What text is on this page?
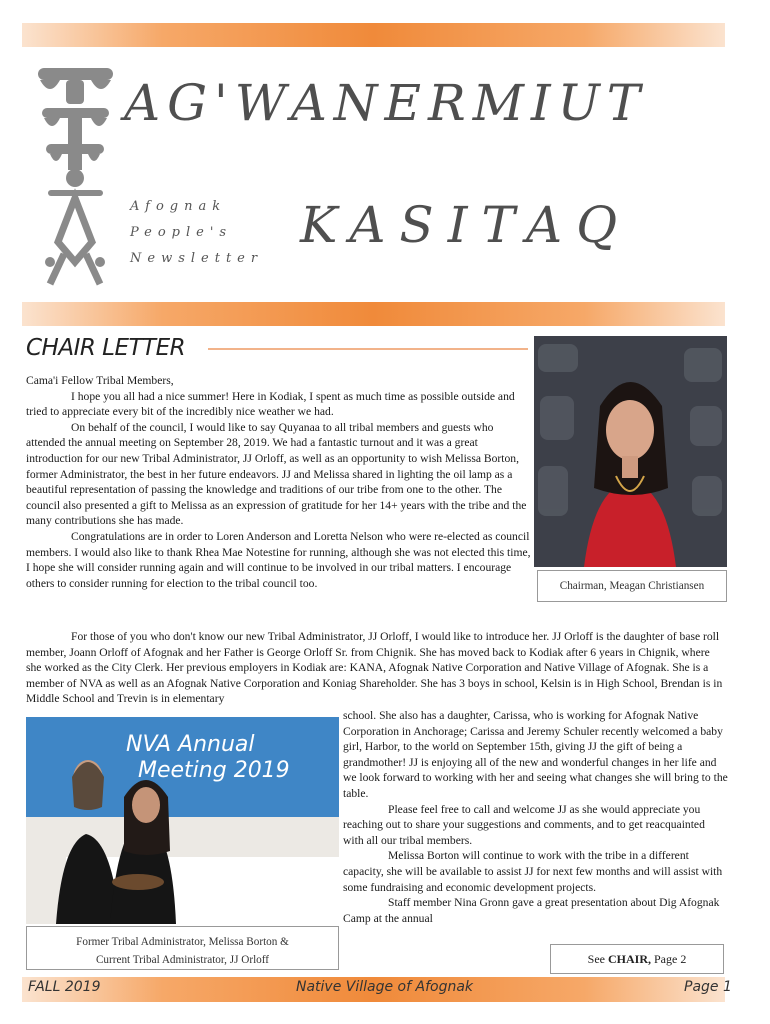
AG'WANERMIUT
Afognak
People's
Newsletter
KASITAQ
CHAIR LETTER
Chairman, Meagan Christiansen

Cama'i Fellow Tribal Members,

I hope you all had a nice summer! Here in Kodiak, I spent as much time as possible outside and tried to appreciate every bit of the incredibly nice weather we had.

On behalf of the council, I would like to say Quyanaa to all tribal members and guests who attended the annual meeting on September 28, 2019. We had a fantastic turnout and it was a great introduction for our new Tribal Administrator, JJ Orloff, as well as an opportunity to wish Melissa Borton, former Administrator, the best in her future endeavors. JJ and Melissa shared in lighting the oil lamp as a beautiful representation of passing the knowledge and traditions of our tribe from one to the other. The council also presented a gift to Melissa as an expression of gratitude for her 14+ years with the tribe and the many contributions she has made.

Congratulations are in order to Loren Anderson and Loretta Nelson who were re-elected as council members. I would also like to thank Rhea Mae Notestine for running, although she was not elected this time, I hope she will consider running again and will continue to be involved in our tribal matters. I encourage others to consider running for election to the tribal council too.

For those of you who don't know our new Tribal Administrator, JJ Orloff, I would like to introduce her. JJ Orloff is the daughter of base roll member, Joann Orloff of Afognak and her Father is George Orloff Sr. from Chignik. She has moved back to Kodiak after 6 years in Chignik, where she worked as the City Clerk. Her previous employers in Kodiak are: KANA, Afognak Native Corporation and Native Village of Afognak. She is a member of NVA as well as an Afognak Native Corporation and Koniag Shareholder. She has 3 boys in school, Kelsin is in High School, Brendan is in Middle School and Trevin is in elementary

NVA Annual
Meeting 2019
Former Tribal Administrator, Melissa Borton &
Current Tribal Administrator, JJ Orloff

school. She also has a daughter, Carissa, who is working for Afognak Native Corporation in Anchorage; Carissa and Jeremy Schuler recently welcomed a baby girl, Harbor, to the world on September 15th, giving JJ the gift of being a grandmother! JJ is enjoying all of the new and wonderful changes in her life and we look forward to working with her and seeing what changes she will bring to the table.

Please feel free to call and welcome JJ as she would appreciate you reaching out to share your suggestions and comments, and to get reacquainted with all our tribal members.

Melissa Borton will continue to work with the tribe in a different capacity, she will be available to assist JJ for next few months and will assist with some fundraising and economic development projects.

Staff member Nina Gronn gave a great presentation about Dig Afognak Camp at the annual

See CHAIR, Page 2
FALL 2019	Native Village of Afognak	Page 1
